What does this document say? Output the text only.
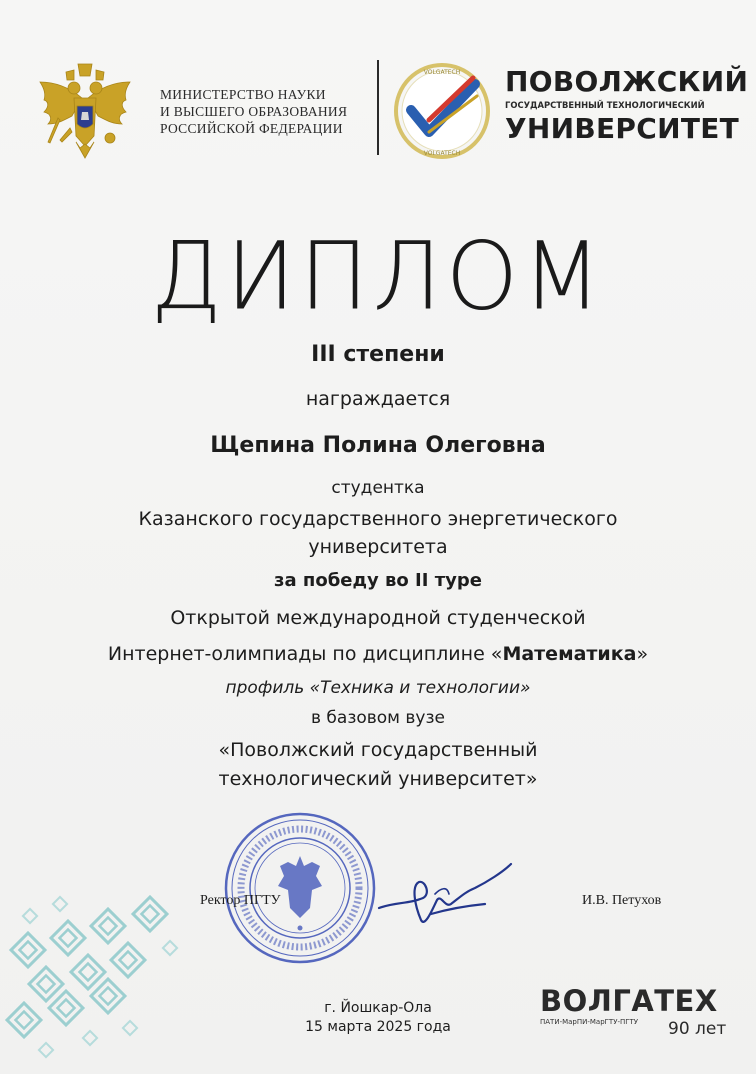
МИНИСТЕРСТВО НАУКИ
И ВЫСШЕГО ОБРАЗОВАНИЯ
РОССИЙСКОЙ ФЕДЕРАЦИИ
VOLGATECH
VOLGATECH
ПОВОЛЖСКИЙ
ГОСУДАРСТВЕННЫЙ ТЕХНОЛОГИЧЕСКИЙ
УНИВЕРСИТЕТ
ДИПЛОМ
III степени
награждается
Щепина Полина Олеговна
студентка
Казанского государственного энергетического
университета
за победу во II туре
Открытой международной студенческой
Интернет-олимпиады по дисциплине «Математика»
профиль «Техника и технологии»
в базовом вузе
«Поволжский государственный
технологический университет»
Ректор ПГТУ	И.В. Петухов
г. Йошкар-Ола
15 марта 2025 года
ВОЛГАТЕХ
ПАТИ-МарПИ-МарГТУ-ПГТУ	90 лет
